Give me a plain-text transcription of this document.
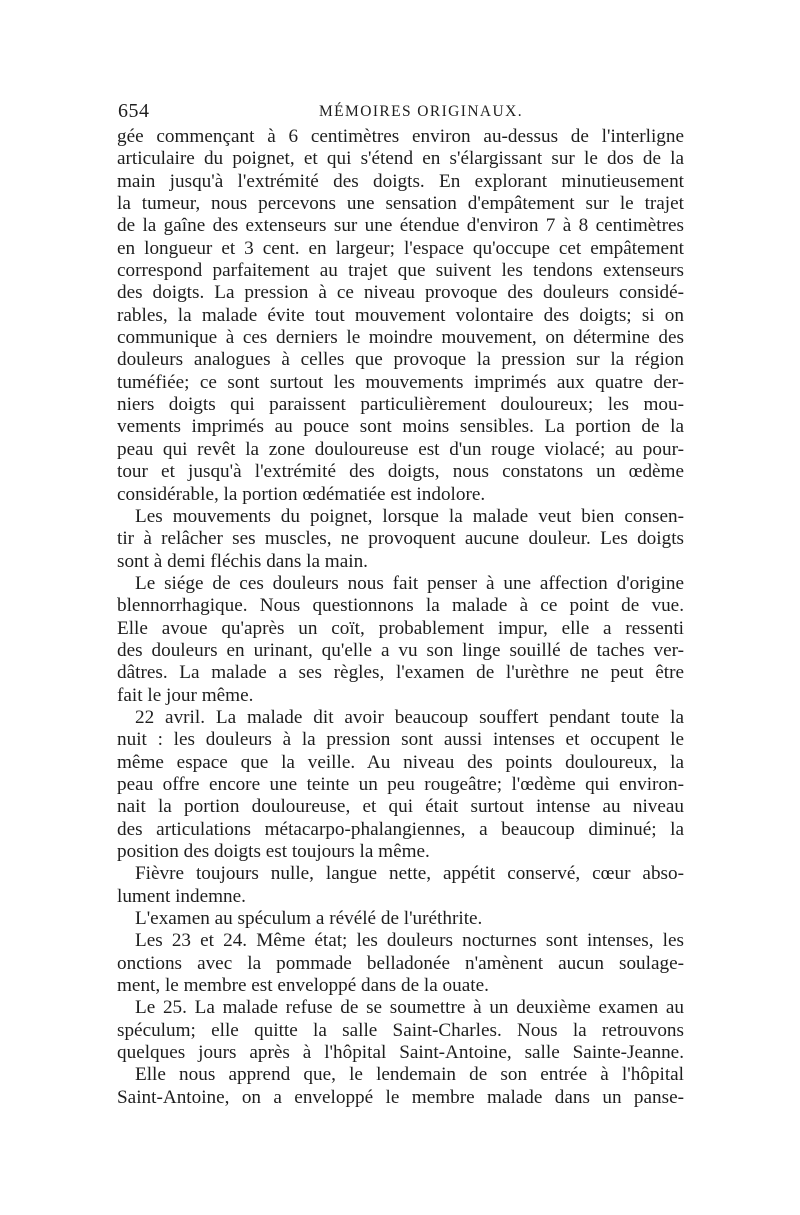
654	MÉMOIRES ORIGINAUX.
gée commençant à 6 centimètres environ au-dessus de l'interligne
articulaire du poignet, et qui s'étend en s'élargissant sur le dos de la
main jusqu'à l'extrémité des doigts. En explorant minutieusement
la tumeur, nous percevons une sensation d'empâtement sur le trajet
de la gaîne des extenseurs sur une étendue d'environ 7 à 8 centimètres
en longueur et 3 cent. en largeur; l'espace qu'occupe cet empâtement
correspond parfaitement au trajet que suivent les tendons extenseurs
des doigts. La pression à ce niveau provoque des douleurs considé-
rables, la malade évite tout mouvement volontaire des doigts; si on
communique à ces derniers le moindre mouvement, on détermine des
douleurs analogues à celles que provoque la pression sur la région
tuméfiée; ce sont surtout les mouvements imprimés aux quatre der-
niers doigts qui paraissent particulièrement douloureux; les mou-
vements imprimés au pouce sont moins sensibles. La portion de la
peau qui revêt la zone douloureuse est d'un rouge violacé; au pour-
tour et jusqu'à l'extrémité des doigts, nous constatons un œdème
considérable, la portion œdématiée est indolore.
Les mouvements du poignet, lorsque la malade veut bien consen-
tir à relâcher ses muscles, ne provoquent aucune douleur. Les doigts
sont à demi fléchis dans la main.
Le siége de ces douleurs nous fait penser à une affection d'origine
blennorrhagique. Nous questionnons la malade à ce point de vue.
Elle avoue qu'après un coït, probablement impur, elle a ressenti
des douleurs en urinant, qu'elle a vu son linge souillé de taches ver-
dâtres. La malade a ses règles, l'examen de l'urèthre ne peut être
fait le jour même.
22 avril. La malade dit avoir beaucoup souffert pendant toute la
nuit : les douleurs à la pression sont aussi intenses et occupent le
même espace que la veille. Au niveau des points douloureux, la
peau offre encore une teinte un peu rougeâtre; l'œdème qui environ-
nait la portion douloureuse, et qui était surtout intense au niveau
des articulations métacarpo-phalangiennes, a beaucoup diminué; la
position des doigts est toujours la même.
Fièvre toujours nulle, langue nette, appétit conservé, cœur abso-
lument indemne.
L'examen au spéculum a révélé de l'uréthrite.
Les 23 et 24. Même état; les douleurs nocturnes sont intenses, les
onctions avec la pommade belladonée n'amènent aucun soulage-
ment, le membre est enveloppé dans de la ouate.
Le 25. La malade refuse de se soumettre à un deuxième examen au
spéculum; elle quitte la salle Saint-Charles. Nous la retrouvons
quelques jours après à l'hôpital Saint-Antoine, salle Sainte-Jeanne.
Elle nous apprend que, le lendemain de son entrée à l'hôpital
Saint-Antoine, on a enveloppé le membre malade dans un panse-
